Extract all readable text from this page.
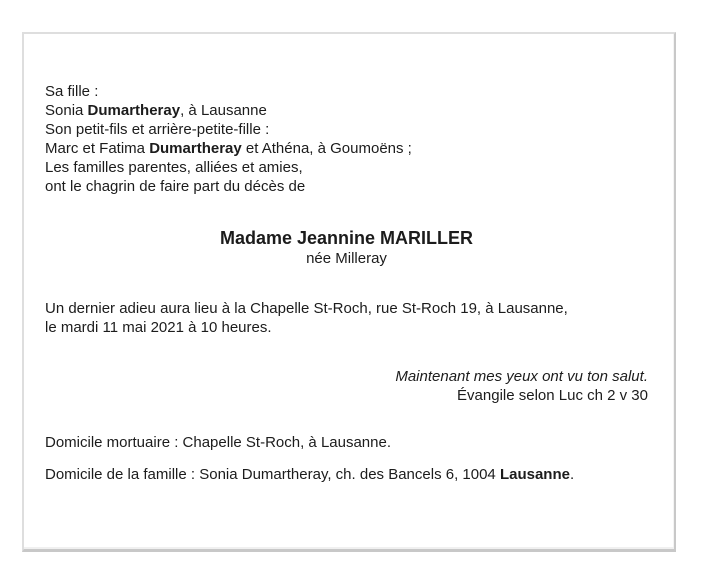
Sa fille :
Sonia Dumartheray, à Lausanne
Son petit-fils et arrière-petite-fille :
Marc et Fatima Dumartheray et Athéna, à Goumoëns ;
Les familles parentes, alliées et amies,
ont le chagrin de faire part du décès de
Madame Jeannine MARILLER
née Milleray
Un dernier adieu aura lieu à la Chapelle St-Roch, rue St-Roch 19, à Lausanne,
le mardi 11 mai 2021 à 10 heures.
Maintenant mes yeux ont vu ton salut.
Évangile selon Luc ch 2 v 30
Domicile mortuaire : Chapelle St-Roch, à Lausanne.
Domicile de la famille : Sonia Dumartheray, ch. des Bancels 6, 1004 Lausanne.
